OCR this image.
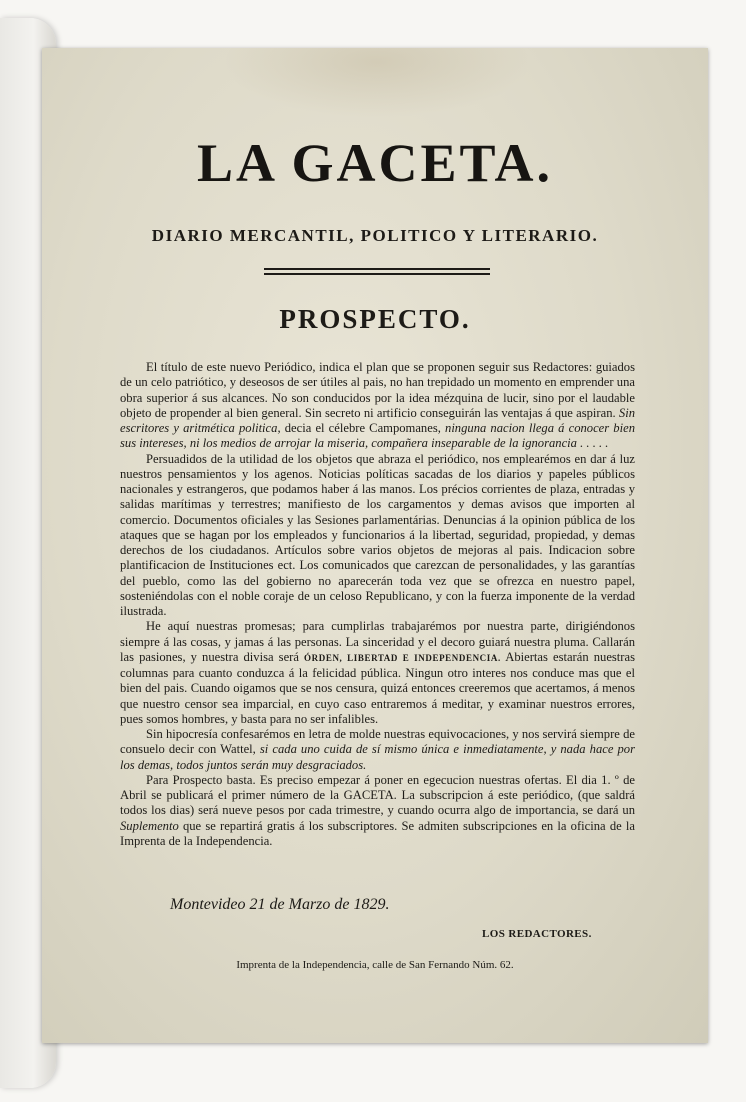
LA GACETA.
DIARIO MERCANTIL, POLITICO Y LITERARIO.
PROSPECTO.

El título de este nuevo Periódico, indica el plan que se proponen seguir sus Redactores: guiados de un celo patriótico, y deseosos de ser útiles al pais, no han trepidado un momento en emprender una obra superior á sus alcances. No son conducidos por la idea mézquina de lucir, sino por el laudable objeto de propender al bien general. Sin secreto ni artificio conseguirán las ventajas á que aspiran. Sin escritores y aritmética politica, decia el célebre Campomanes, ninguna nacion llega á conocer bien sus intereses, ni los medios de arrojar la miseria, compañera inseparable de la ignorancia . . . . .

Persuadidos de la utilidad de los objetos que abraza el periódico, nos emplearémos en dar á luz nuestros pensamientos y los agenos. Noticias políticas sacadas de los diarios y papeles públicos nacionales y estrangeros, que podamos haber á las manos. Los précios corrientes de plaza, entradas y salidas marítimas y terrestres; manifiesto de los cargamentos y demas avisos que importen al comercio. Documentos oficiales y las Sesiones parlamentárias. Denuncias á la opinion pública de los ataques que se hagan por los empleados y funcionarios á la libertad, seguridad, propiedad, y demas derechos de los ciudadanos. Artículos sobre varios objetos de mejoras al pais. Indicacion sobre plantificacion de Instituciones ect. Los comunicados que carezcan de personalidades, y las garantías del pueblo, como las del gobierno no aparecerán toda vez que se ofrezca en nuestro papel, sosteniéndolas con el noble coraje de un celoso Republicano, y con la fuerza imponente de la verdad ilustrada.

He aquí nuestras promesas; para cumplirlas trabajarémos por nuestra parte, dirigiéndonos siempre á las cosas, y jamas á las personas. La sinceridad y el decoro guiará nuestra pluma. Callarán las pasiones, y nuestra divisa será ÓRDEN, LIBERTAD E INDEPENDENCIA. Abiertas estarán nuestras columnas para cuanto conduzca á la felicidad pública. Ningun otro interes nos conduce mas que el bien del pais. Cuando oigamos que se nos censura, quizá entonces creeremos que acertamos, á menos que nuestro censor sea imparcial, en cuyo caso entraremos á meditar, y examinar nuestros errores, pues somos hombres, y basta para no ser infalibles.

Sin hipocresía confesarémos en letra de molde nuestras equivocaciones, y nos servirá siempre de consuelo decir con Wattel, si cada uno cuida de sí mismo única e inmediatamente, y nada hace por los demas, todos juntos serán muy desgraciados.

Para Prospecto basta. Es preciso empezar á poner en egecucion nuestras ofertas. El dia 1. º de Abril se publicará el primer número de la GACETA. La subscripcion á este periódico, (que saldrá todos los dias) será nueve pesos por cada trimestre, y cuando ocurra algo de importancia, se dará un Suplemento que se repartirá gratis á los subscriptores. Se admiten subscripciones en la oficina de la Imprenta de la Independencia.

Montevideo 21 de Marzo de 1829.
LOS REDACTORES.
Imprenta de la Independencia, calle de San Fernando Núm. 62.
